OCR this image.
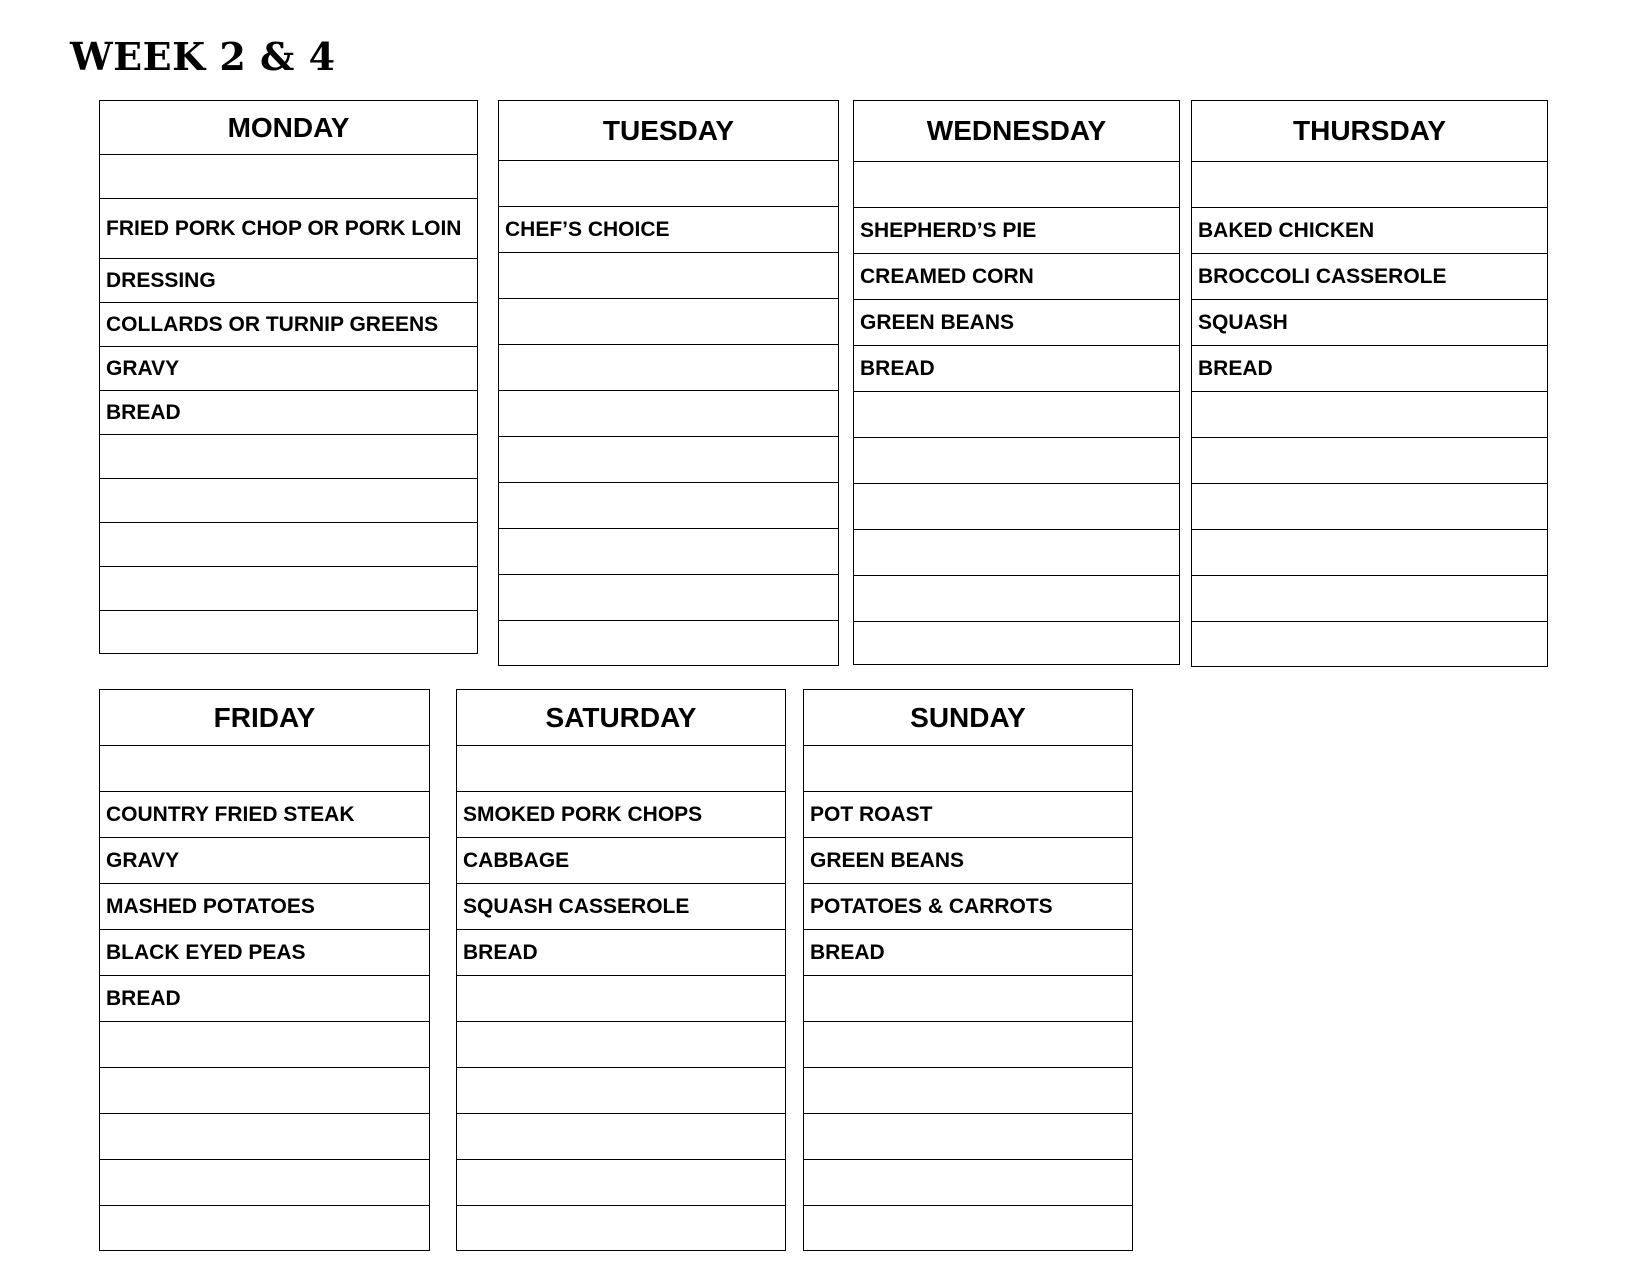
WEEK 2 & 4
MONDAY
FRIED PORK CHOP OR PORK LOIN
DRESSING
COLLARDS OR TURNIP GREENS
GRAVY
BREAD
TUESDAY
CHEF’S CHOICE
WEDNESDAY
SHEPHERD’S PIE
CREAMED CORN
GREEN BEANS
BREAD
THURSDAY
BAKED CHICKEN
BROCCOLI CASSEROLE
SQUASH
BREAD
FRIDAY
COUNTRY FRIED STEAK
GRAVY
MASHED POTATOES
BLACK EYED PEAS
BREAD
SATURDAY
SMOKED PORK CHOPS
CABBAGE
SQUASH CASSEROLE
BREAD
SUNDAY
POT ROAST
GREEN BEANS
POTATOES & CARROTS
BREAD
